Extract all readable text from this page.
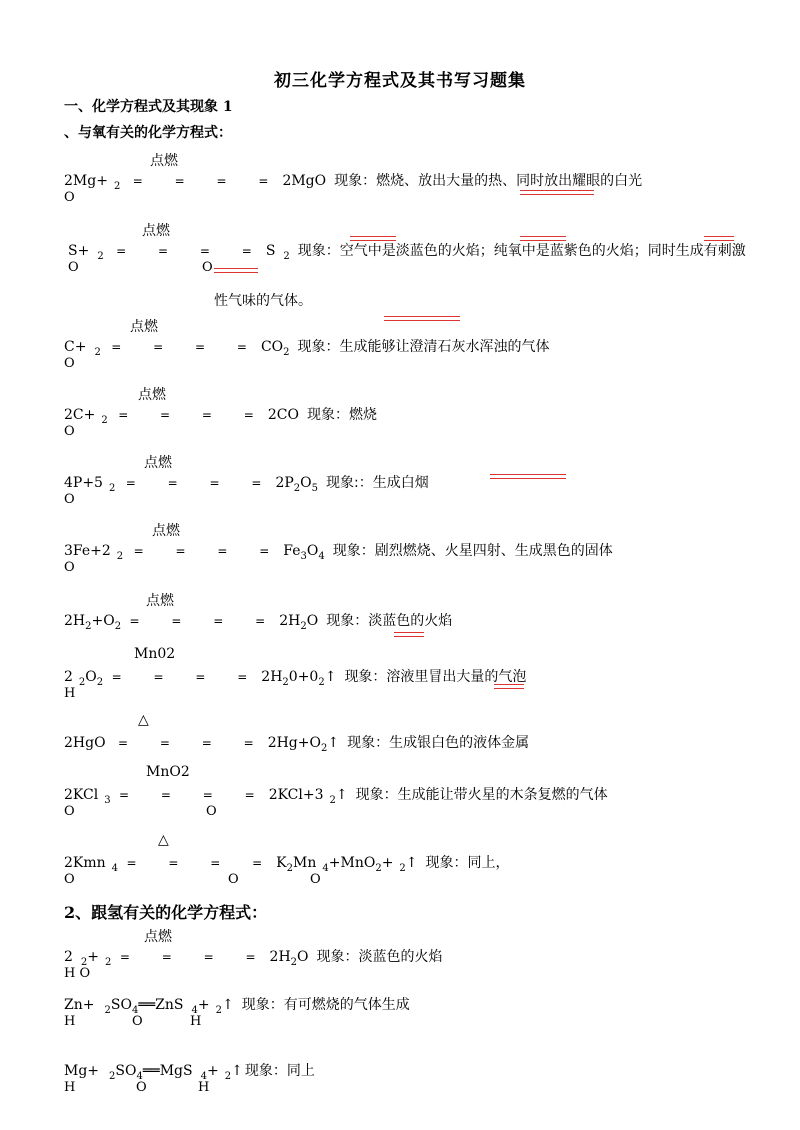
初三化学方程式及其书写习题集
一、化学方程式及其现象 1
、与氧有关的化学方程式：
点燃
2Mg+ $_2$ = = = =2MgO 现象：燃烧、放出大量的热、同时放出耀眼的白光
O
点燃
S+ $_2$ = = = =S $_2$ 现象：空气中是淡蓝色的火焰；纯氧中是蓝紫色的火焰；同时生成有刺激
O	O
性气味的气体。
点燃
C+ $_2$ = = = $=CO_2$ 现象：生成能够让澄清石灰水浑浊的气体
O
点燃
2C+ $_2$ = = = =2CO 现象：燃烧
O
点燃
4P+5 $_2$ = = = $=2P_2O_5$ 现象:：生成白烟
O
点燃
3Fe+2 $_2$ = = = $=Fe_3O_4$ 现象：剧烈燃烧、火星四射、生成黑色的固体
O
点燃
$2H_2+O_2$ = = = $=2H_2O$ 现象：淡蓝色的火焰
Mn02
2 $_2O_2$ = = = $=2H_20+0_2↑$ 现象：溶液里冒出大量的气泡
H
△
2HgO = = = $=2Hg+O_2↑$ 现象：生成银白色的液体金属
MnO2
2KCl $_3$ = = = =2KCl+3 $_2$↑ 现象：生成能让带火星的木条复燃的气体
O	O
△
2Kmn $_4$ = = = $=K_2Mn$ $_4$+MnO$_2$+ $_2$↑ 现象：同上，
O	O	O
2、跟氢有关的化学方程式：
点燃
2 $_2$+ $_2$ = = = $=2H_2O$ 现象：淡蓝色的火焰
H O
$Zn+ _2SO_4══ZnS$ $_4$+ $_2$↑ 现象：有可燃烧的气体生成
H	O	H
$Mg+ _2SO_4══MgS$ $_4$+ $_2$↑ 现象：同上
H	O	H
